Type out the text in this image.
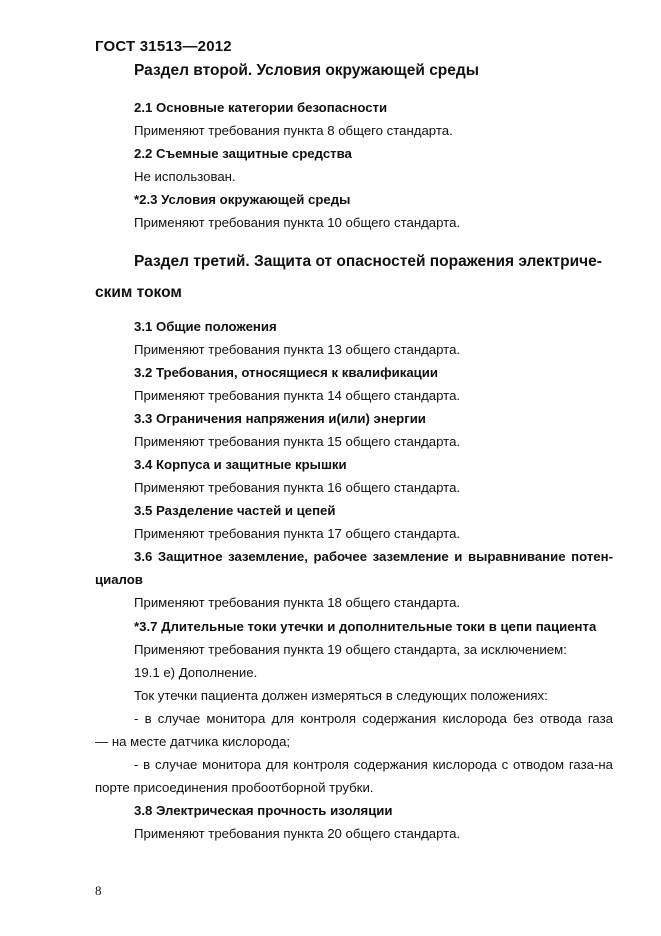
ГОСТ 31513—2012
Раздел второй. Условия окружающей среды
2.1 Основные категории безопасности
Применяют требования пункта 8 общего стандарта.
2.2 Съемные защитные средства
Не использован.
*2.3 Условия окружающей среды
Применяют требования пункта 10 общего стандарта.
Раздел третий. Защита от опасностей поражения электриче-
ским током
3.1 Общие положения
Применяют требования пункта 13 общего стандарта.
3.2 Требования, относящиеся к квалификации
Применяют требования пункта 14 общего стандарта.
3.3 Ограничения напряжения и(или) энергии
Применяют требования пункта 15 общего стандарта.
3.4 Корпуса и защитные крышки
Применяют требования пункта 16 общего стандарта.
3.5 Разделение частей и цепей
Применяют требования пункта 17 общего стандарта.
3.6 Защитное заземление, рабочее заземление и выравнивание потен-
циалов
Применяют требования пункта 18 общего стандарта.
*3.7 Длительные токи утечки и дополнительные токи в цепи пациента
Применяют требования пункта 19 общего стандарта, за исключением:
19.1 е) Дополнение.
Ток утечки пациента должен измеряться в следующих положениях:
- в случае монитора для контроля содержания кислорода без отвода газа
— на месте датчика кислорода;
- в случае монитора для контроля содержания кислорода с отводом газа-на
порте присоединения пробоотборной трубки.
3.8 Электрическая прочность изоляции
Применяют требования пункта 20 общего стандарта.
8
